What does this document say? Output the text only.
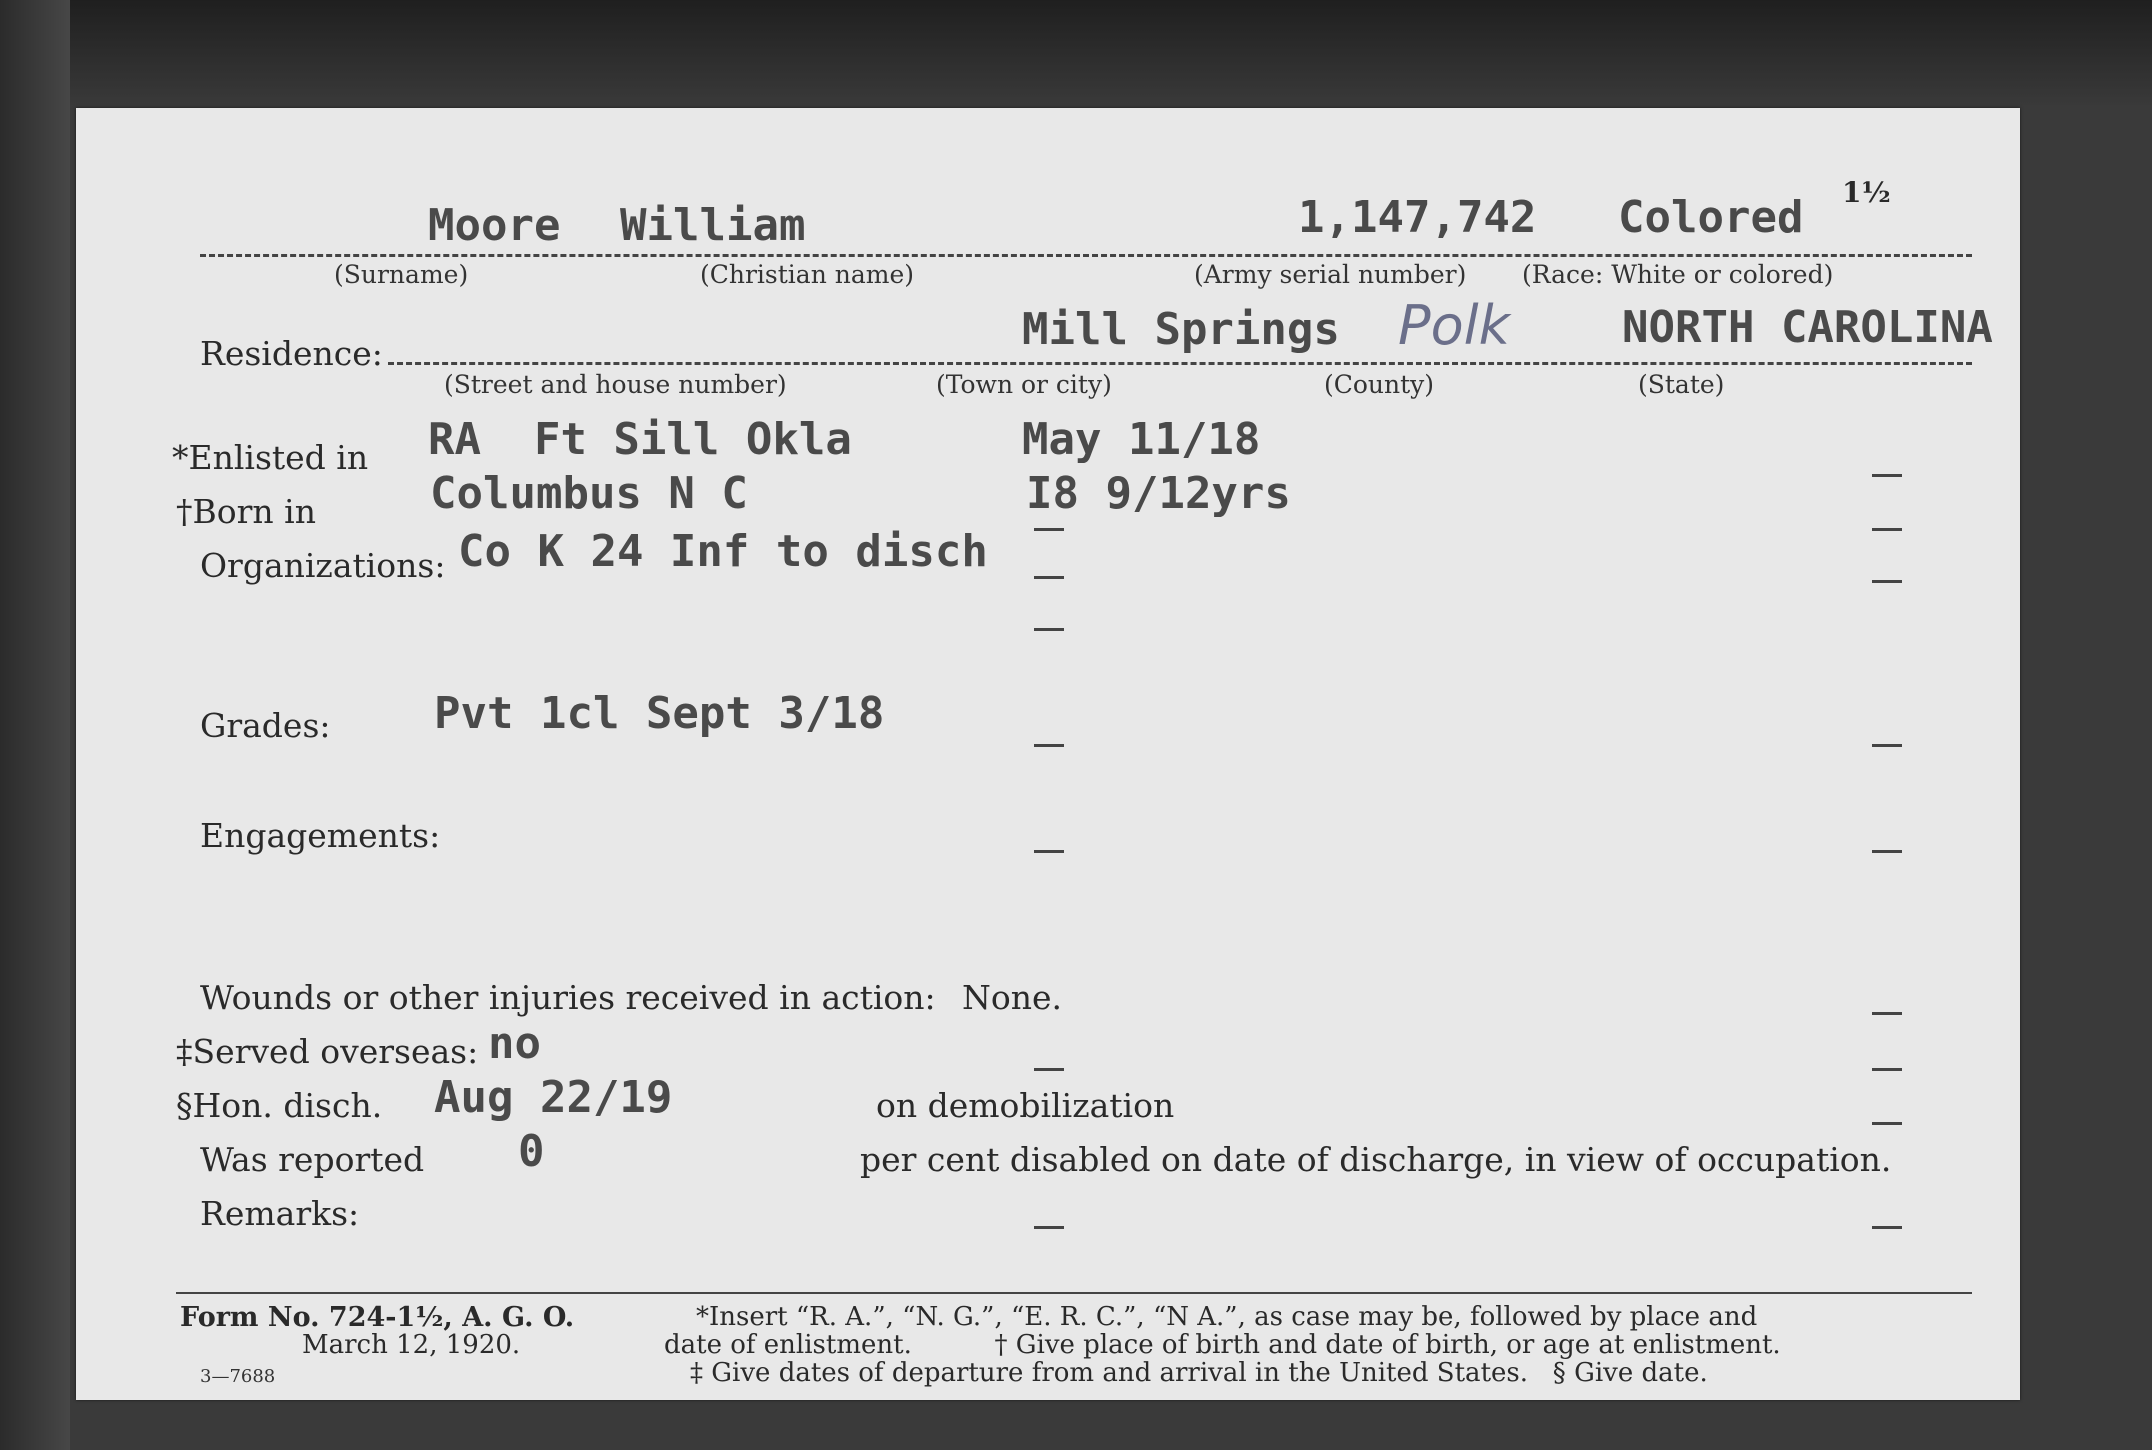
Moore William	1,147,742 Colored 1½
(Surname)	(Christian name)	(Army serial number) (Race: White or colored)
Residence:	Mill Springs Polk	NORTH CAROLINA
(Street and house number)	(Town or city)	(County)	(State)
*Enlisted in RA  Ft Sill Okla	May 11/18
†Born in	Columbus N C	I8 9/12yrs
Organizations: Co K 24 Inf to disch
Grades: Pvt 1cl Sept 3/18
Engagements:
Wounds or other injuries received in action: None.
‡Served overseas: no
§Hon. disch. Aug 22/19	on demobilization
Was reported 0	per cent disabled on date of discharge, in view of occupation.
Remarks:
Form No. 724-1½, A. G. O.
March 12, 1920.
3—7688
*Insert “R. A.”, “N. G.”, “E. R. C.”, “N A.”, as case may be, followed by place and
date of enlistment.          † Give place of birth and date of birth, or age at enlistment.
‡ Give dates of departure from and arrival in the United States.   § Give date.
